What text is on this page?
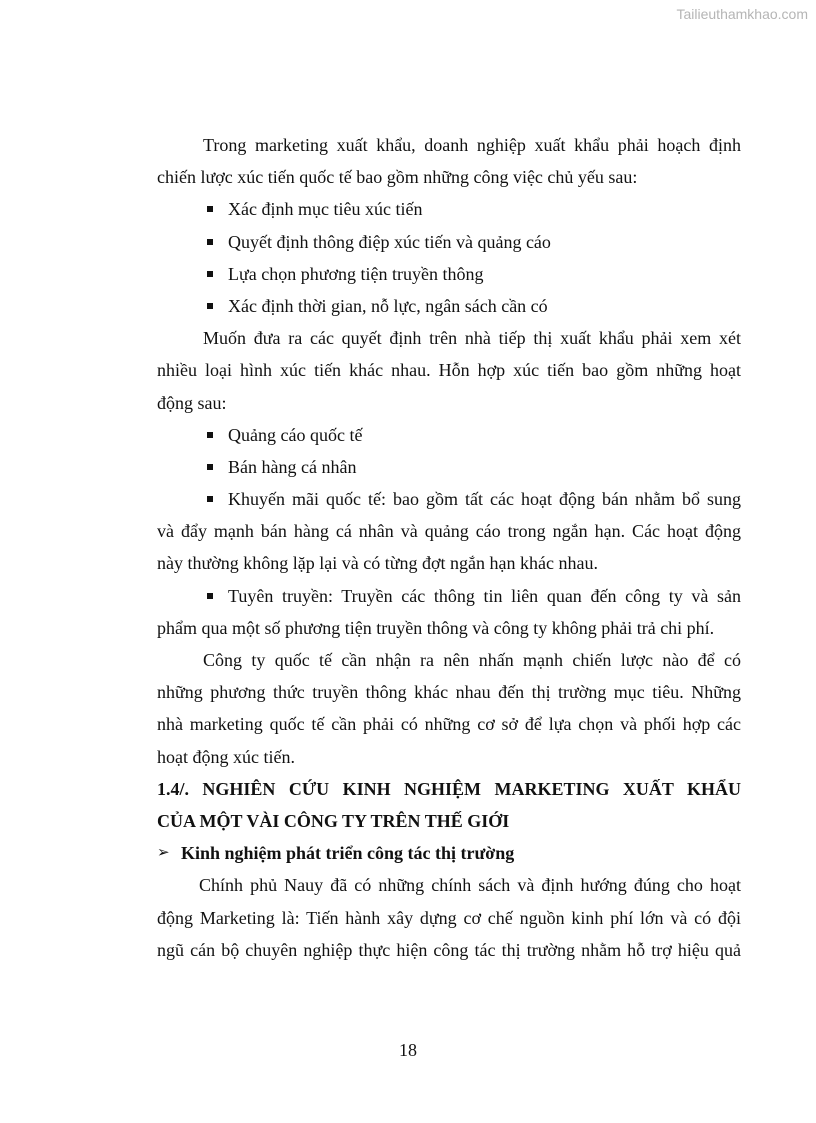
Tailieuthamkhao.com
Trong marketing xuất khẩu, doanh nghiệp xuất khẩu phải hoạch định
chiến lược xúc tiến quốc tế bao gồm những công việc chủ yếu sau:
Xác định mục tiêu xúc tiến
Quyết định thông điệp xúc tiến và quảng cáo
Lựa chọn phương tiện truyền thông
Xác định thời gian, nỗ lực, ngân sách cần có
Muốn đưa ra các quyết định trên nhà tiếp thị xuất khẩu phải xem xét
nhiều loại hình xúc tiến khác nhau. Hỗn hợp xúc tiến bao gồm những hoạt
động sau:
Quảng cáo quốc tế
Bán hàng cá nhân
Khuyến mãi quốc tế: bao gồm tất các hoạt động bán nhằm bổ sung
và đẩy mạnh bán hàng cá nhân và quảng cáo trong ngắn hạn. Các hoạt động
này thường không lặp lại và có từng đợt ngắn hạn khác nhau.
Tuyên truyền: Truyền các thông tin liên quan đến công ty và sản
phẩm qua một số phương tiện truyền thông và công ty không phải trả chi phí.
Công ty quốc tế cần nhận ra nên nhấn mạnh chiến lược nào để có
những phương thức truyền thông khác nhau đến thị trường mục tiêu. Những
nhà marketing quốc tế cần phải có những cơ sở để lựa chọn và phối hợp các
hoạt động xúc tiến.
1.4/. NGHIÊN CỨU KINH NGHIỆM MARKETING XUẤT KHẨU
CỦA MỘT VÀI CÔNG TY TRÊN THẾ GIỚI
➢ Kinh nghiệm phát triển công tác thị trường
Chính phủ Nauy đã có những chính sách và định hướng đúng cho hoạt
động Marketing là: Tiến hành xây dựng cơ chế nguồn kinh phí lớn và có đội
ngũ cán bộ chuyên nghiệp thực hiện công tác thị trường nhằm hỗ trợ hiệu quả
18
